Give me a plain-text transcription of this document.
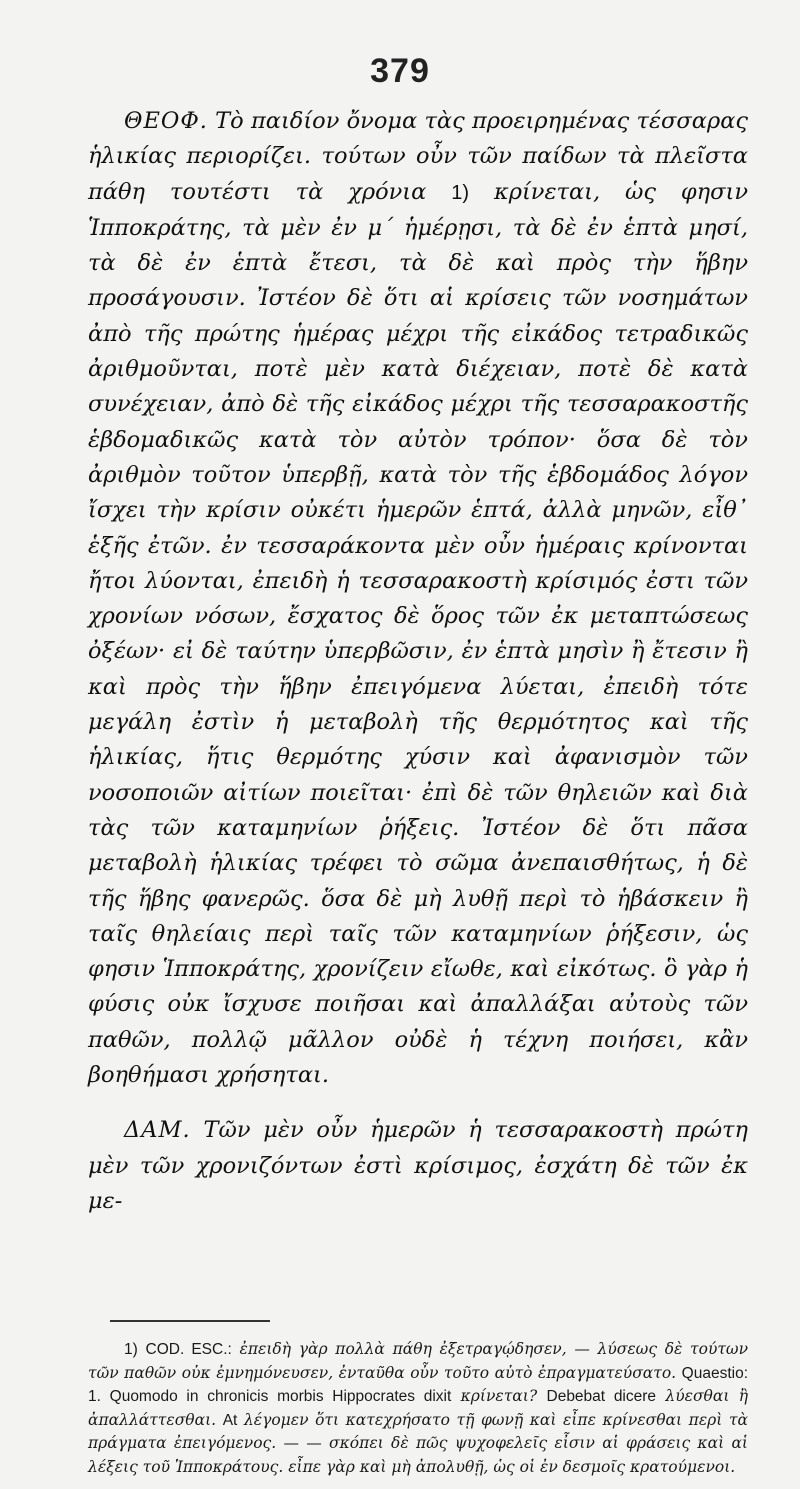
379

ΘΕΟΦ. Τὸ παιδίον ὄνομα τὰς προειρημένας τέσσαρας ἡλικίας περιορίζει. τούτων οὖν τῶν παίδων τὰ πλεῖστα πάθη τουτέστι τὰ χρόνια 1) κρίνεται, ὡς φησιν Ἱπποκράτης, τὰ μὲν ἐν μ΄ ἡμέρῃσι, τὰ δὲ ἐν ἑπτὰ μησί, τὰ δὲ ἐν ἑπτὰ ἔτεσι, τὰ δὲ καὶ πρὸς τὴν ἥβην προσάγουσιν. Ἰστέον δὲ ὅτι αἱ κρίσεις τῶν νοσημάτων ἀπὸ τῆς πρώτης ἡμέρας μέχρι τῆς εἰκάδος τετραδικῶς ἀριθμοῦνται, ποτὲ μὲν κατὰ διέχειαν, ποτὲ δὲ κατὰ συνέχειαν, ἀπὸ δὲ τῆς εἰκάδος μέχρι τῆς τεσσαρακοστῆς ἑβδομαδικῶς κατὰ τὸν αὐτὸν τρόπον· ὅσα δὲ τὸν ἀριθμὸν τοῦτον ὑπερβῇ, κατὰ τὸν τῆς ἑβδομάδος λόγον ἴσχει τὴν κρίσιν οὐκέτι ἡμερῶν ἑπτά, ἀλλὰ μηνῶν, εἶθ᾽ ἑξῆς ἐτῶν. ἐν τεσσαράκοντα μὲν οὖν ἡμέραις κρίνονται ἤτοι λύονται, ἐπειδὴ ἡ τεσσαρακοστὴ κρίσιμός ἐστι τῶν χρονίων νόσων, ἔσχατος δὲ ὅρος τῶν ἐκ μεταπτώσεως ὀξέων· εἰ δὲ ταύτην ὑπερβῶσιν, ἐν ἑπτὰ μησὶν ἢ ἔτεσιν ἢ καὶ πρὸς τὴν ἥβην ἐπειγόμενα λύεται, ἐπειδὴ τότε μεγάλη ἐστὶν ἡ μεταβολὴ τῆς θερμότητος καὶ τῆς ἡλικίας, ἥτις θερμότης χύσιν καὶ ἀφανισμὸν τῶν νοσοποιῶν αἰτίων ποιεῖται· ἐπὶ δὲ τῶν θηλειῶν καὶ διὰ τὰς τῶν καταμηνίων ῥήξεις. Ἰστέον δὲ ὅτι πᾶσα μεταβολὴ ἡλικίας τρέφει τὸ σῶμα ἀνεπαισθήτως, ἡ δὲ τῆς ἥβης φανερῶς. ὅσα δὲ μὴ λυθῇ περὶ τὸ ἡβάσκειν ἢ ταῖς θηλείαις περὶ ταῖς τῶν καταμηνίων ῥήξεσιν, ὡς φησιν Ἱπποκράτης, χρονίζειν εἴωθε, καὶ εἰκότως. ὃ γὰρ ἡ φύσις οὐκ ἴσχυσε ποιῆσαι καὶ ἀπαλλάξαι αὐτοὺς τῶν παθῶν, πολλῷ μᾶλλον οὐδὲ ἡ τέχνη ποιήσει, κἂν βοηθήμασι χρήσηται.

ΔΑΜ. Τῶν μὲν οὖν ἡμερῶν ἡ τεσσαρακοστὴ πρώτη μὲν τῶν χρονιζόντων ἐστὶ κρίσιμος, ἐσχάτη δὲ τῶν ἐκ με-

1) COD. ESC.: ἐπειδὴ γὰρ πολλὰ πάθη ἐξετραγῴδησεν, — λύσεως δὲ τούτων τῶν παθῶν οὐκ ἐμνημόνευσεν, ἐνταῦθα οὖν τοῦτο αὐτὸ ἐπραγματεύσατο. Quaestio: 1. Quomodo in chronicis morbis Hippocrates dixit κρίνεται? Debebat dicere λύεσθαι ἢ ἀπαλλάττεσθαι. At λέγομεν ὅτι κατεχρήσατο τῇ φωνῇ καὶ εἶπε κρίνεσθαι περὶ τὰ πράγματα ἐπειγόμενος. — — σκόπει δὲ πῶς ψυχοφελεῖς εἶσιν αἱ φράσεις καὶ αἱ λέξεις τοῦ Ἱπποκράτους. εἶπε γὰρ καὶ μὴ ἀπολυθῇ, ὡς οἱ ἐν δεσμοῖς κρατούμενοι.
